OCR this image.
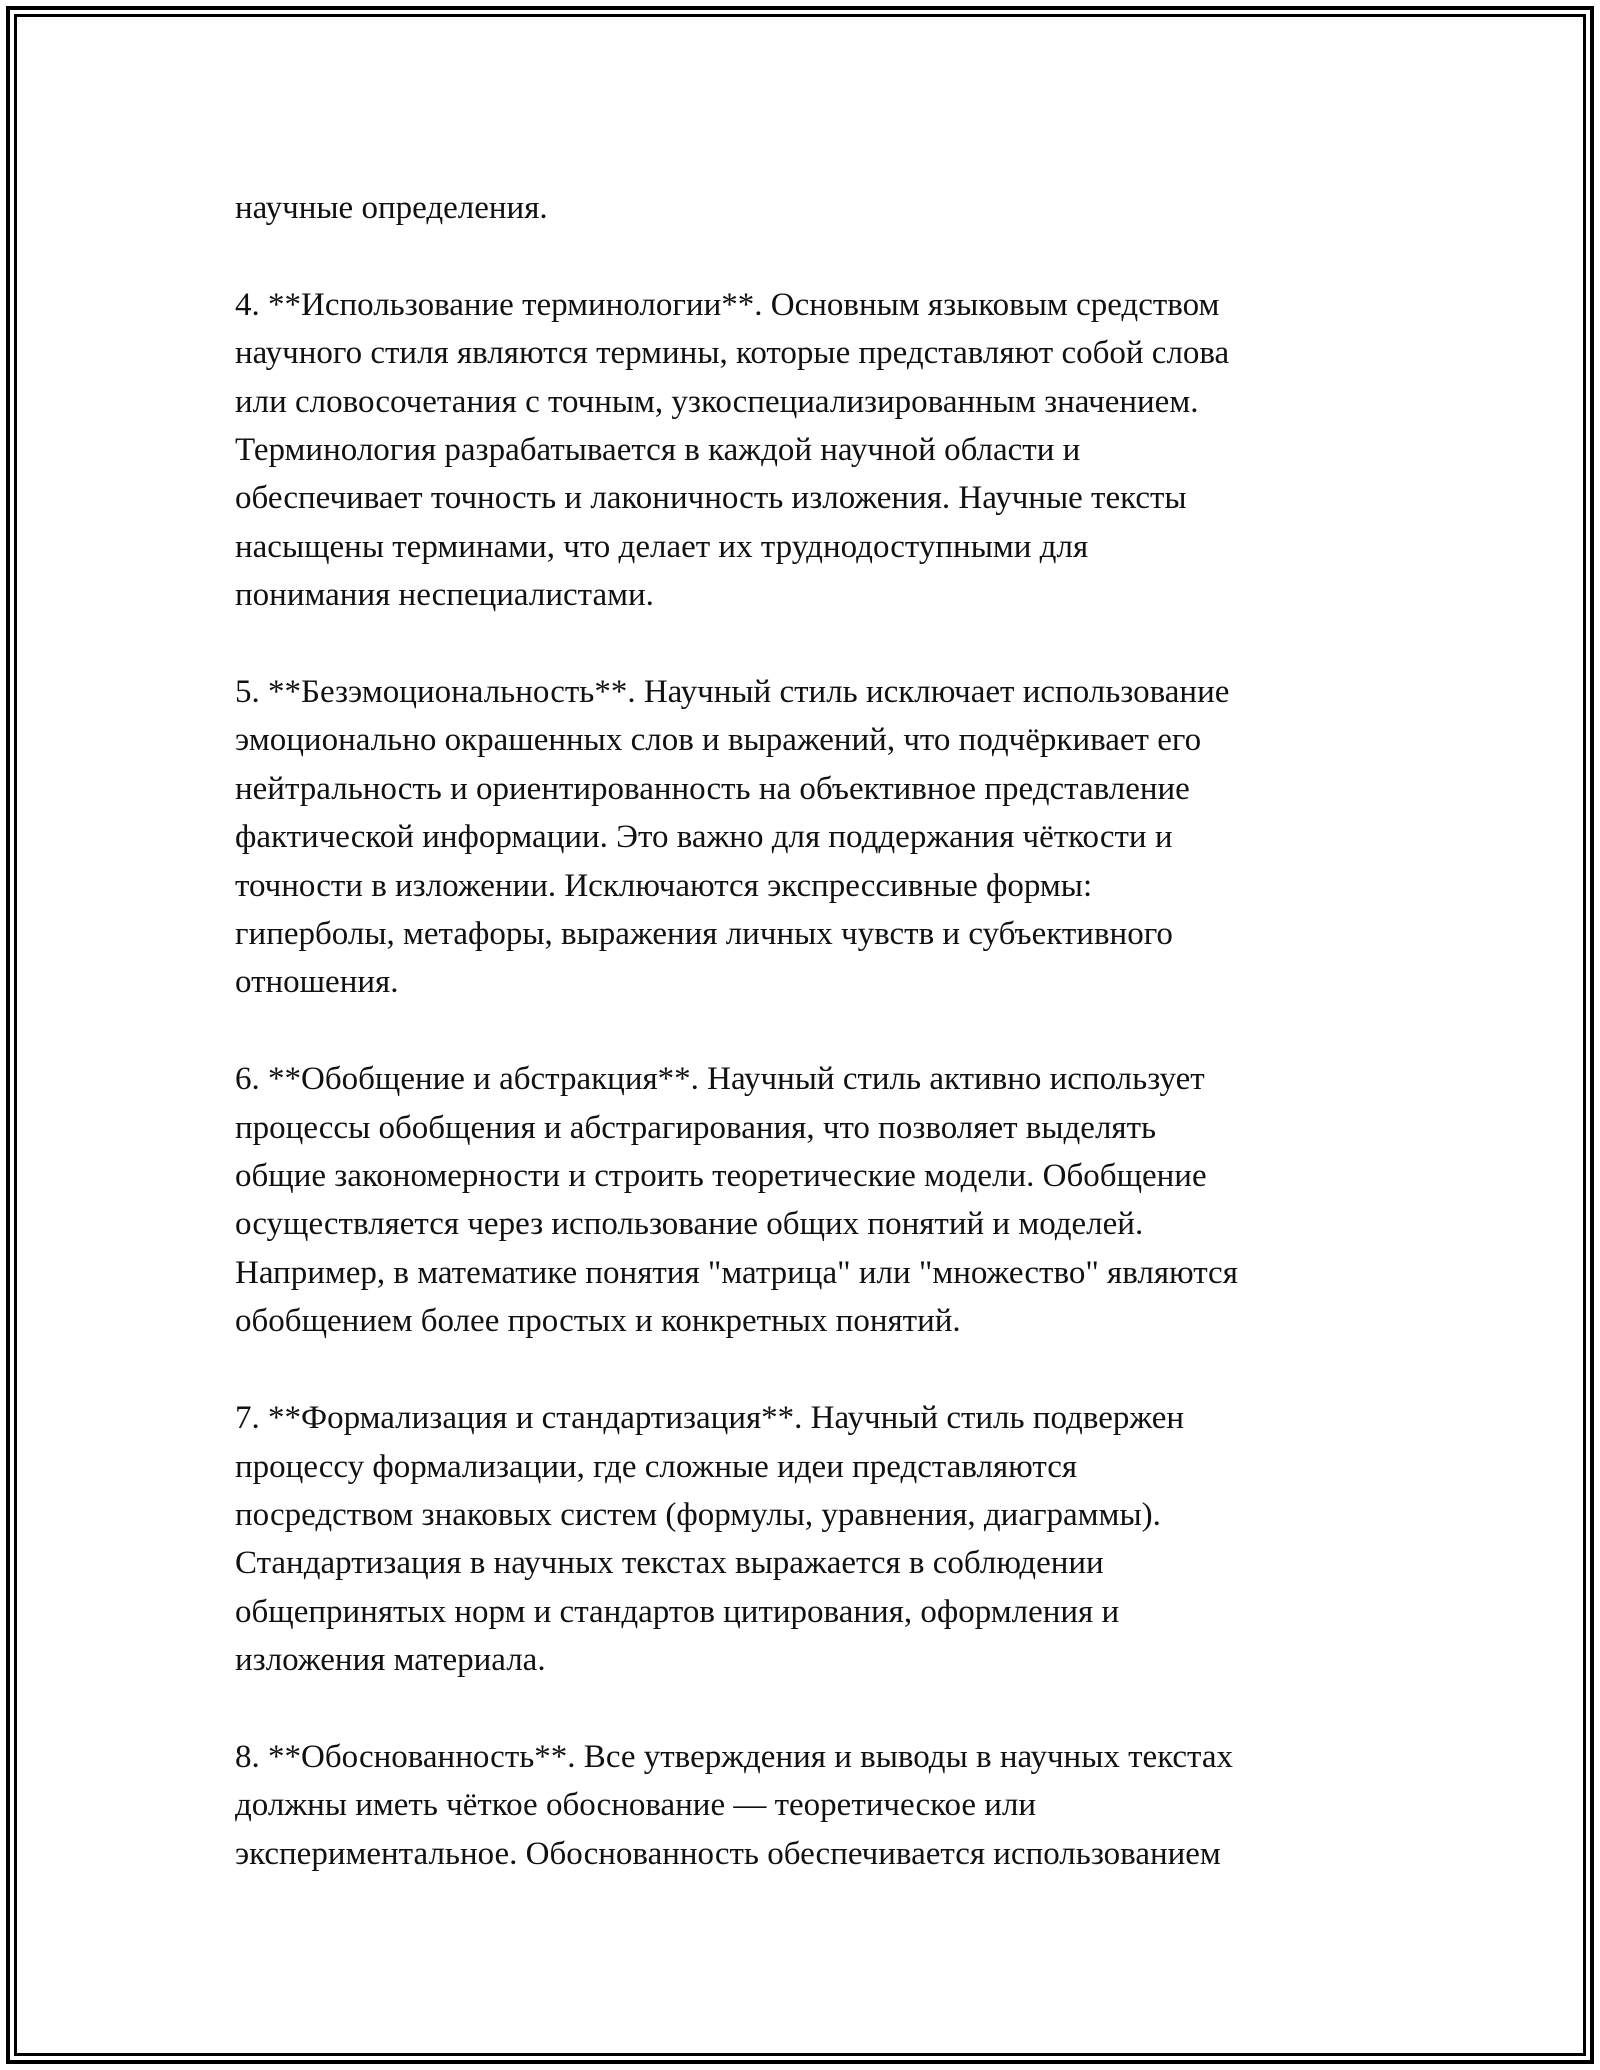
научные определения.

4. **Использование терминологии**. Основным языковым средством
научного стиля являются термины, которые представляют собой слова
или словосочетания с точным, узкоспециализированным значением.
Терминология разрабатывается в каждой научной области и
обеспечивает точность и лаконичность изложения. Научные тексты
насыщены терминами, что делает их труднодоступными для
понимания неспециалистами.

5. **Безэмоциональность**. Научный стиль исключает использование
эмоционально окрашенных слов и выражений, что подчёркивает его
нейтральность и ориентированность на объективное представление
фактической информации. Это важно для поддержания чёткости и
точности в изложении. Исключаются экспрессивные формы:
гиперболы, метафоры, выражения личных чувств и субъективного
отношения.

6. **Обобщение и абстракция**. Научный стиль активно использует
процессы обобщения и абстрагирования, что позволяет выделять
общие закономерности и строить теоретические модели. Обобщение
осуществляется через использование общих понятий и моделей.
Например, в математике понятия "матрица" или "множество" являются
обобщением более простых и конкретных понятий.

7. **Формализация и стандартизация**. Научный стиль подвержен
процессу формализации, где сложные идеи представляются
посредством знаковых систем (формулы, уравнения, диаграммы).
Стандартизация в научных текстах выражается в соблюдении
общепринятых норм и стандартов цитирования, оформления и
изложения материала.

8. **Обоснованность**. Все утверждения и выводы в научных текстах
должны иметь чёткое обоснование — теоретическое или
экспериментальное. Обоснованность обеспечивается использованием
